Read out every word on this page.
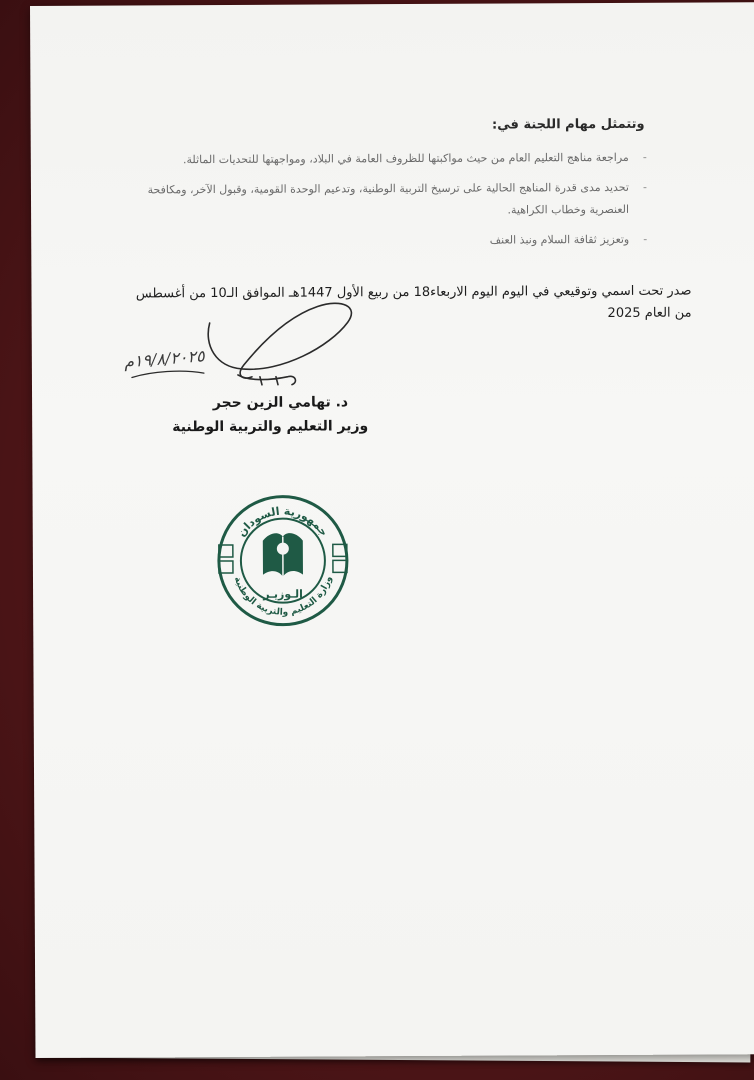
وتتمثل مهام اللجنة في:
-
مراجعة مناهج التعليم العام من حيث مواكبتها للظروف العامة في البلاد، ومواجهتها للتحديات الماثلة.
-
تحديد مدى قدرة المناهج الحالية على ترسيخ التربية الوطنية، وتدعيم الوحدة القومية، وقبول الآخر، ومكافحة العنصرية وخطاب الكراهية.
-
وتعزيز ثقافة السلام ونبذ العنف
صدر تحت اسمي وتوقيعي في اليوم اليوم الاربعاء18 من ربيع الأول 1447هـ الموافق الـ10 من أغسطس من العام 2025
١٩/٨/٢٠٢٥م
د. تهامي الزين حجر
وزير التعليم والتربية الوطنية
جمهورية السودان
وزارة التعليم والتربية الوطنية
الـوزيـر
